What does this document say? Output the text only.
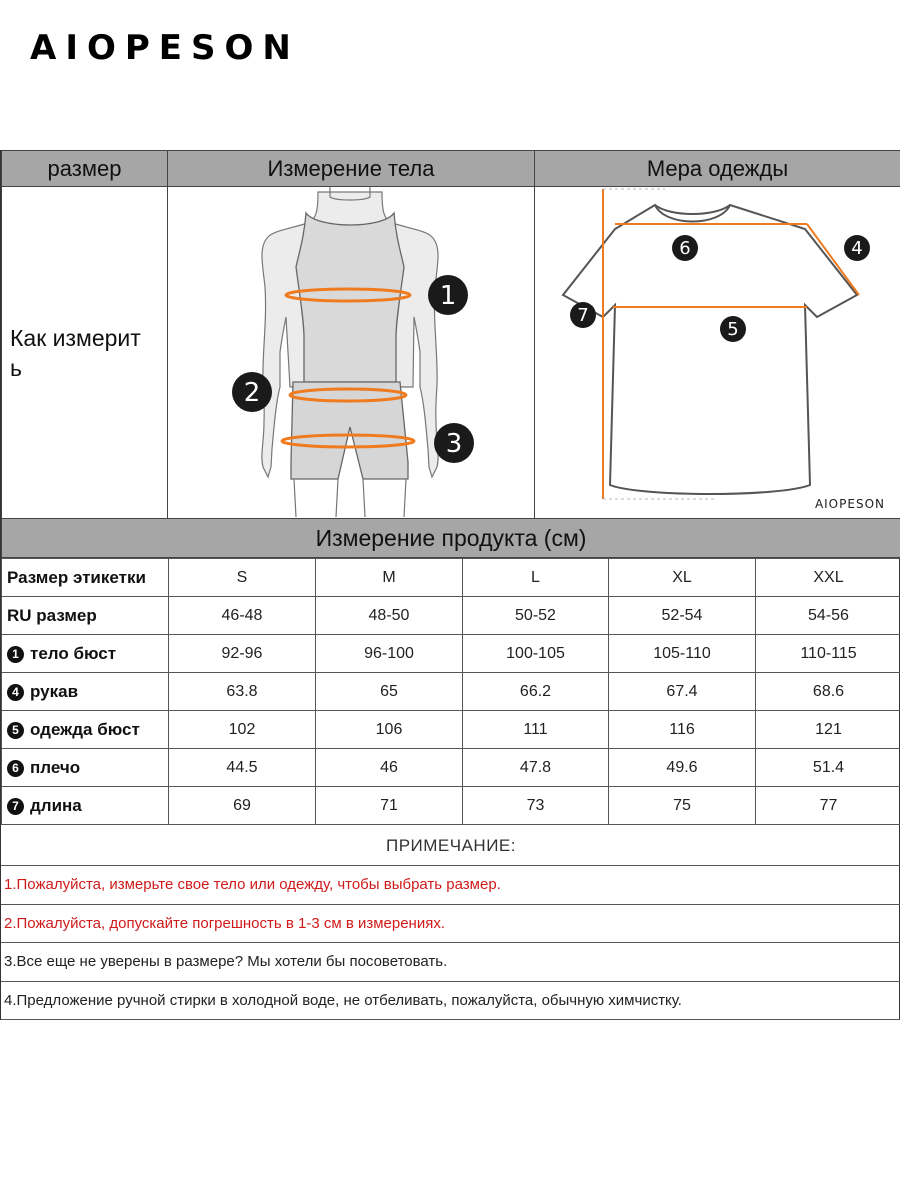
AIOPESON
размер	Измерение тела	Мера одежды
Как измерит ь
1
2
3
6	4
5
7
AIOPESON
Измерение продукта (см)
Размер этикетки	S	M	L	XL	XXL
RU размер	46-48	48-50	50-52	52-54	54-56
1 тело бюст	92-96	96-100	100-105	105-110	110-115
4 рукав	63.8	65	66.2	67.4	68.6
5 одежда бюст	102	106	111	116	121
6 плечо	44.5	46	47.8	49.6	51.4
7 длина	69	71	73	75	77
ПРИМЕЧАНИЕ:
1.Пожалуйста, измерьте свое тело или одежду, чтобы выбрать размер.
2.Пожалуйста, допускайте погрешность в 1-3 см в измерениях.
3.Все еще не уверены в размере? Мы хотели бы посоветовать.
4.Предложение ручной стирки в холодной воде, не отбеливать, пожалуйста, обычную химчистку.
